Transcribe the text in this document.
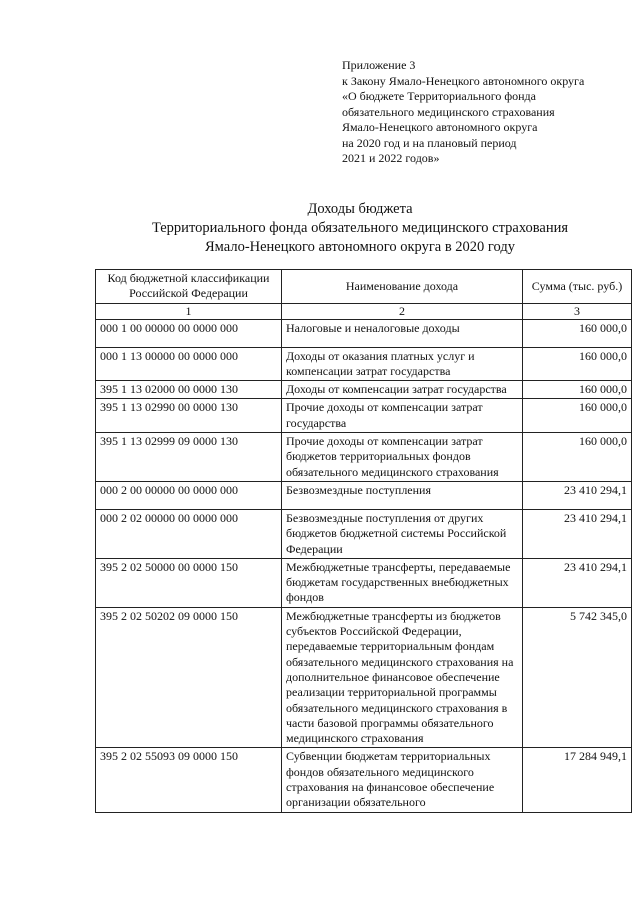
Приложение 3
к Закону Ямало-Ненецкого автономного округа
«О бюджете Территориального фонда
обязательного медицинского страхования
Ямало-Ненецкого автономного округа
на 2020 год и на плановый период
2021 и 2022 годов»
Доходы бюджета
Территориального фонда обязательного медицинского страхования
Ямало-Ненецкого автономного округа в 2020 году
Код бюджетной классификации Российской Федерации	Наименование дохода	Сумма (тыс. руб.)
1	2	3
000 1 00 00000 00 0000 000	Налоговые и неналоговые доходы	160 000,0
000 1 13 00000 00 0000 000	Доходы от оказания платных услуг и компенсации затрат государства	160 000,0
395 1 13 02000 00 0000 130	Доходы от компенсации затрат государства	160 000,0
395 1 13 02990 00 0000 130	Прочие доходы от компенсации затрат государства	160 000,0
395 1 13 02999 09 0000 130	Прочие доходы от компенсации затрат бюджетов территориальных фондов обязательного медицинского страхования	160 000,0
000 2 00 00000 00 0000 000	Безвозмездные поступления	23 410 294,1
000 2 02 00000 00 0000 000	Безвозмездные поступления от других бюджетов бюджетной системы Российской Федерации	23 410 294,1
395 2 02 50000 00 0000 150	Межбюджетные трансферты, передаваемые бюджетам государственных внебюджетных фондов	23 410 294,1
395 2 02 50202 09 0000 150	Межбюджетные трансферты из бюджетов субъектов Российской Федерации, передаваемые территориальным фондам обязательного медицинского страхования на дополнительное финансовое обеспечение реализации территориальной программы обязательного медицинского страхования в части базовой программы обязательного медицинского страхования	5 742 345,0
395 2 02 55093 09 0000 150	Субвенции бюджетам территориальных фондов обязательного медицинского страхования на финансовое обеспечение организации обязательного	17 284 949,1
